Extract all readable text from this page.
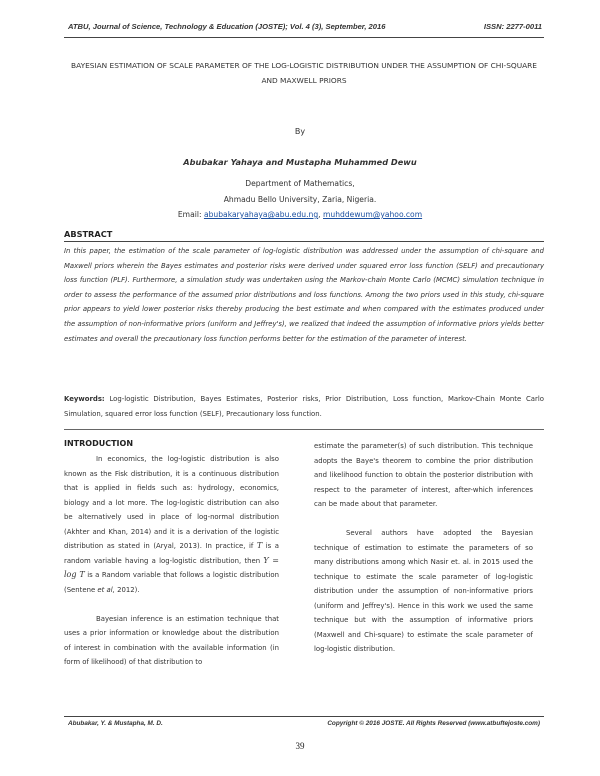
ATBU, Journal of Science, Technology & Education (JOSTE); Vol. 4 (3), September, 2016	ISSN: 2277-0011
BAYESIAN ESTIMATION OF SCALE PARAMETER OF THE LOG-LOGISTIC DISTRIBUTION UNDER THE ASSUMPTION OF CHI-SQUARE AND MAXWELL PRIORS
By
Abubakar Yahaya and Mustapha Muhammed Dewu
Department of Mathematics,
Ahmadu Bello University, Zaria, Nigeria.
Email: abubakaryahaya@abu.edu.ng, muhddewum@yahoo.com
ABSTRACT
In this paper, the estimation of the scale parameter of log-logistic distribution was addressed under the assumption of chi-square and Maxwell priors wherein the Bayes estimates and posterior risks were derived under squared error loss function (SELF) and precautionary loss function (PLF). Furthermore, a simulation study was undertaken using the Markov-chain Monte Carlo (MCMC) simulation technique in order to assess the performance of the assumed prior distributions and loss functions. Among the two priors used in this study, chi-square prior appears to yield lower posterior risks thereby producing the best estimate and when compared with the estimates produced under the assumption of non-informative priors (uniform and Jeffrey's), we realized that indeed the assumption of informative priors yields better estimates and overall the precautionary loss function performs better for the estimation of the parameter of interest.
Keywords: Log-logistic Distribution, Bayes Estimates, Posterior risks, Prior Distribution, Loss function, Markov-Chain Monte Carlo Simulation, squared error loss function (SELF), Precautionary loss function.
INTRODUCTION

In economics, the log-logistic distribution is also known as the Fisk distribution, it is a continuous distribution that is applied in fields such as: hydrology, economics, biology and a lot more. The log-logistic distribution can also be alternatively used in place of log-normal distribution (Akhter and Khan, 2014) and it is a derivation of the logistic distribution as stated in (Aryal, 2013). In practice, if T is a random variable having a log-logistic distribution, then Y = log T is a Random variable that follows a logistic distribution (Sentene et al, 2012).

Bayesian inference is an estimation technique that uses a prior information or knowledge about the distribution of interest in combination with the available information (in form of likelihood) of that distribution to

estimate the parameter(s) of such distribution. This technique adopts the Baye's theorem to combine the prior distribution and likelihood function to obtain the posterior distribution with respect to the parameter of interest, after-which inferences can be made about that parameter.

Several authors have adopted the Bayesian technique of estimation to estimate the parameters of so many distributions among which Nasir et. al. in 2015 used the technique to estimate the scale parameter of log-logistic distribution under the assumption of non-informative priors (uniform and Jeffrey's). Hence in this work we used the same technique but with the assumption of informative priors (Maxwell and Chi-square) to estimate the scale parameter of log-logistic distribution.

Abubakar, Y. & Mustapha, M. D.	Copyright © 2016 JOSTE. All Rights Reserved (www.atbuftejoste.com)
39
